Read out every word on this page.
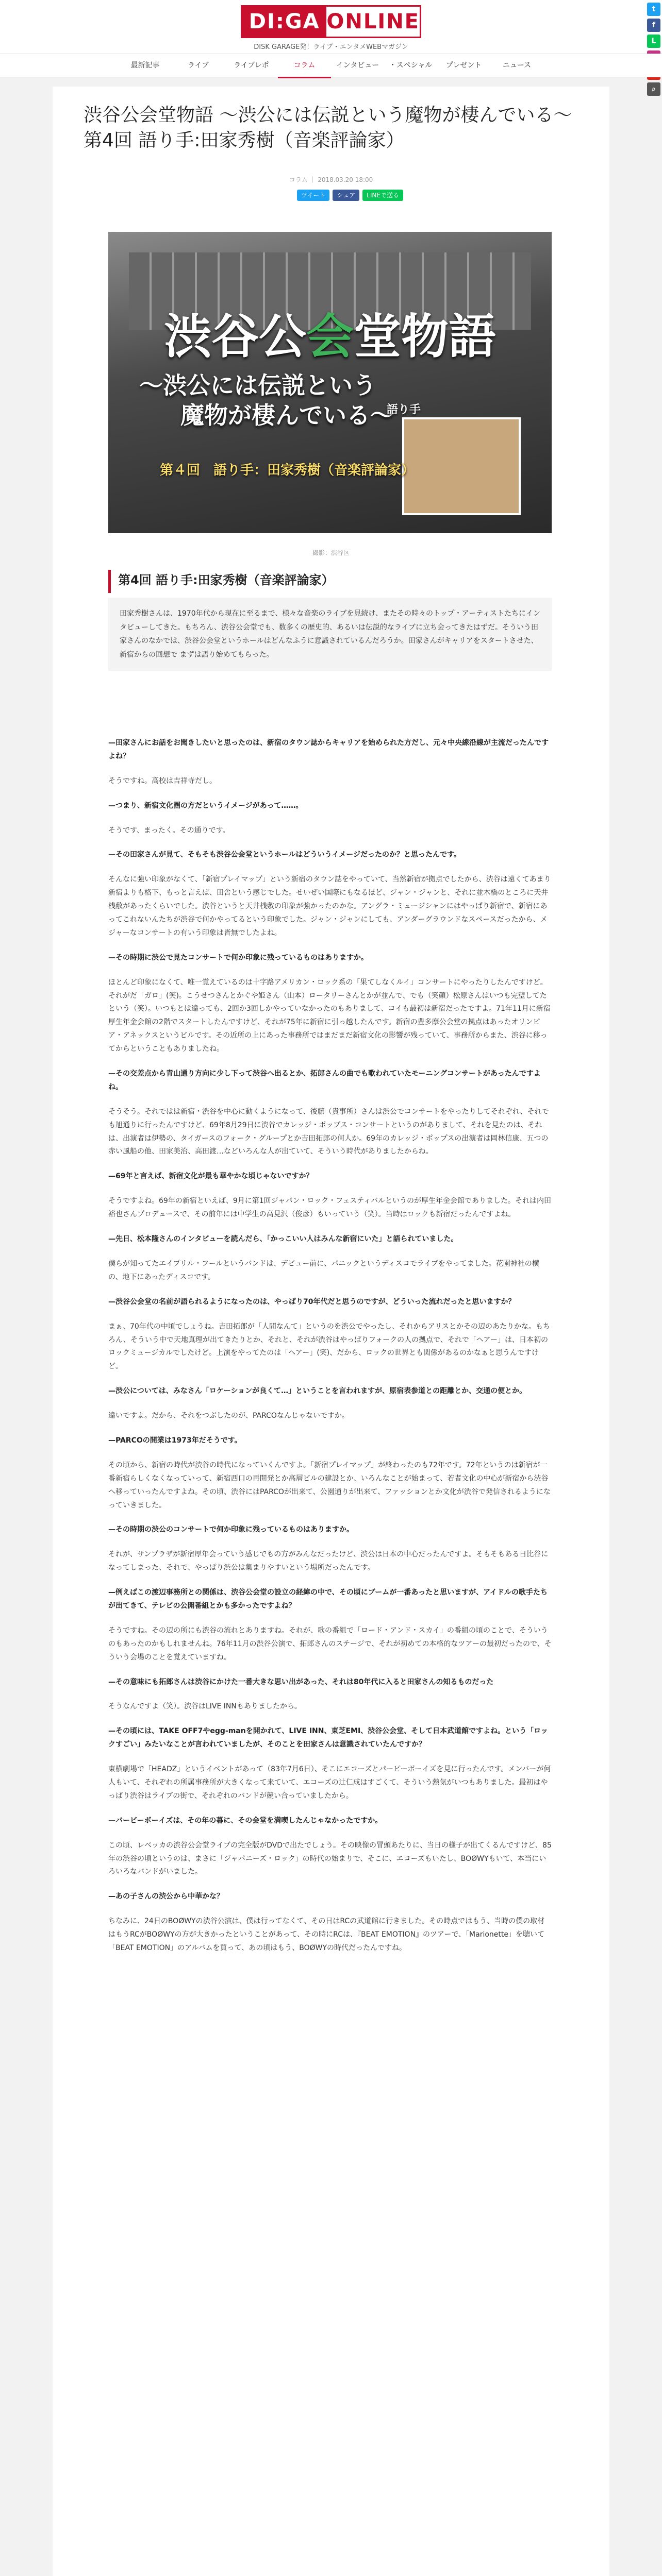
DI:GA ONLINE
DISK GARAGE発！ライブ・エンタメWEBマガジン
t
f
L
⌕
最新記事	ライブ	ライブレポ	コラム	インタビュー	・スペシャル	プレゼント	ニュース
渋谷公会堂物語 〜渋公には伝説という魔物が棲んでいる〜 第4回 語り手:田家秀樹（音楽評論家）
コラム ｜ 2018.03.20 18:00
ツイート	シェア	LINEで送る
渋谷公会堂物語
〜渋公には伝説という
魔物が棲んでいる〜
語り手
第４回　語り手：田家秀樹（音楽評論家）
撮影：渋谷区
第4回 語り手:田家秀樹（音楽評論家）
田家秀樹さんは、1970年代から現在に至るまで、様々な音楽のライブを見続け、またその時々のトップ・アーティストたちにインタビューしてきた。もちろん、渋谷公会堂でも、数多くの歴史的、あるいは伝説的なライブに立ち会ってきたはずだ。そういう田家さんのなかでは、渋谷公会堂というホールはどんなふうに意識されているんだろうか。田家さんがキャリアをスタートさせた、新宿からの回想で まずは語り始めてもらった。

—田家さんにお話をお聞きしたいと思ったのは、新宿のタウン誌からキャリアを始められた方だし、元々中央線沿線が主流だったんですよね？

そうですね。高校は吉祥寺だし。

—つまり、新宿文化圏の方だというイメージがあって……。

そうです、まったく。その通りです。

—その田家さんが見て、そもそも渋谷公会堂というホールはどういうイメージだったのか？と思ったんです。

そんなに強い印象がなくて、「新宿プレイマップ」という新宿のタウン誌をやっていて、当然新宿が拠点でしたから、渋谷は遠くてあまり新宿よりも格下、もっと言えば、田舎という感じでした。せいぜい国際にもなるほど、ジャン・ジャンと、それに並木橋のところに天井桟敷があったくらいでした。渋谷というと天井桟敷の印象が強かったのかな。アングラ・ミュージシャンにはやっぱり新宿で、新宿にあってこれないんたちが渋谷で何かやってるという印象でした。ジャン・ジャンにしても、アンダーグラウンドなスペースだったから、メジャーなコンサートの有いう印象は皆無でしたよね。

—その時期に渋公で見たコンサートで何か印象に残っているものはありますか。

ほとんど印象になくて、唯一覚えているのは十字路アメリカン・ロック系の「果てしなくルイ」コンサートにやったりしたんですけど。それがだ「ガロ」(笑)。こうせつさんとかぐや姫さん（山本）ロータリーさんとかが並んで、でも（笑顔）松原さんはいつも完璧してたという（笑）。いつもとは違っても、2回か3回しかやっていなかったのもありまして、コイも最初は新宿だったですよ。71年11月に新宿厚生年金会館の2階でスタートしたんですけど、それが75年に新宿に引っ越したんです。新宿の豊多摩公会堂の拠点はあったオリンピア・アネックスというビルです。その近所の上にあった事務所ではまだまだ新宿文化の影響が残っていて、事務所からまた、渋谷に移ってからということもありましたね。

—その交差点から青山通り方向に少し下って渋谷へ出るとか、拓郎さんの曲でも歌われていたモーニングコンサートがあったんですよね。

そうそう。それではは新宿・渋谷を中心に動くようになって、後藤（貴事所）さんは渋公でコンサートをやったりしてそれぞれ、それでも旭通りに行ったんですけど、69年8月29日に渋谷でカレッジ・ポップス・コンサートというのがありまして、それを見たのは、それは、出演者は伊勢の、タイガースのフォーク・グループとか吉田拓郎の何人か。69年のカレッジ・ポップスの出演者は岡林信康、五つの赤い風船の他、田家美治、高田渡…などいろんな人が出ていて、そういう時代がありましたからね。

—69年と言えば、新宿文化が最も華やかな頃じゃないですか？

そうですよね。69年の新宿といえば、9月に第1回ジャパン・ロック・フェスティバルというのが厚生年金会館でありました。それは内田裕也さんプロデュースで、その前年には中学生の高見沢（俊彦）もいっていう（笑）。当時はロックも新宿だったんですよね。

—先日、松本隆さんのインタビューを読んだら、「かっこいい人はみんな新宿にいた」と語られていました。

僕らが知ってたエイプリル・フールというバンドは、デビュー前に、パニックというディスコでライブをやってました。花園神社の横の、地下にあったディスコです。

—渋谷公会堂の名前が語られるようになったのは、やっぱり70年代だと思うのですが、どういった流れだったと思いますか？

まぁ、70年代の中頃でしょうね。吉田拓郎が「人間なんて」というのを渋公でやったし、それからアリスとかその辺のあたりかな。もちろん、そういう中で天地真理が出てきたりとか、それと、それが渋谷はやっぱりフォークの人の拠点で、それで「ヘアー」は、日本初のロックミュージカルでしたけど。上演をやってたのは「ヘアー」(笑)、だから、ロックの世界とも関係があるのかなぁと思うんですけど。

—渋公については、みなさん「ロケーションが良くて…」ということを言われますが、原宿表参道との距離とか、交通の便とか。

違いですよ。だから、それをつぶしたのが、PARCOなんじゃないですか。

—PARCOの開業は1973年だそうです。

その頃から、新宿の時代が渋谷の時代になっていくんですよ。「新宿プレイマップ」が終わったのも72年です。72年というのは新宿が一番新宿らしくなくなっていって、新宿西口の再開発とか高層ビルの建設とか、いろんなことが始まって、若者文化の中心が新宿から渋谷へ移っていったんですよね。その頃、渋谷にはPARCOが出来て、公園通りが出来て、ファッションとか文化が渋谷で発信されるようになっていきました。

—その時期の渋公のコンサートで何か印象に残っているものはありますか。

それが、サンプラザが新宿厚年会っていう感じでもの方がみんなだったけど、渋公は日本の中心だったんですよ。そもそもある日比谷になってしまった、それで、やっぱり渋公は集まりやすいという場所だったんです。

—例えばこの渡辺事務所との関係は、渋谷公会堂の設立の経緯の中で、その頃にブームが一番あったと思いますが、アイドルの歌手たちが出てきて、テレビの公開番組とかも多かったですよね？

そうですね。その辺の所にも渋谷の流れとありますね。それが、歌の番組で「ロード・アンド・スカイ」の番組の頃のことで、そういうのもあったのかもしれませんね。76年11月の渋谷公演で、拓郎さんのステージで、それが初めての本格的なツアーの最初だったので、そういう会場のことを覚えていますね。

—その意味にも拓郎さんは渋谷にかけた一番大きな思い出があった、それは80年代に入ると田家さんの知るものだった

そうなんですよ（笑）。渋谷はLIVE INNもありましたから。

—その頃には、TAKE OFF7やegg-manを開かれて、LIVE INN、東芝EMI、渋谷公会堂、そして日本武道館ですよね。という「ロックすごい」みたいなことが言われていましたが、そのことを田家さんは意識されていたんですか？

東横劇場で「HEADZ」というイベントがあって（83年7月6日）、そこにエコーズとパーピーボーイズを見に行ったんです。メンバーが何人もいて、それぞれの所属事務所が大きくなって来ていて、エコーズの辻仁成はすごくて、そういう熱気がいつもありました。最初はやっぱり渋谷はライブの街で、それぞれのバンドが競い合っていましたから。

—バービーボーイズは、その年の暮に、その会堂を満喫したんじゃなかったですか。

この頃、レベッカの渋谷公会堂ライブの完全版がDVDで出たでしょう。その映像の冒頭あたりに、当日の様子が出てくるんですけど、85年の渋谷の頃というのは、まさに「ジャパニーズ・ロック」の時代の始まりで、そこに、エコーズもいたし、BOØWYもいて、本当にいろいろなバンドがいました。

—あの子さんの渋公から中華かな？

ちなみに、24日のBOØWYの渋谷公演は、僕は行ってなくて、その日はRCの武道館に行きました。その時点ではもう、当時の僕の取材はもうRCがBOØWYの方が大きかったということがあって、その時にRCは、『BEAT EMOTION』のツアーで、「Marionette」を聴いて「BEAT EMOTION」のアルバムを買って、あの頃はもう、BOØWYの時代だったんですね。
